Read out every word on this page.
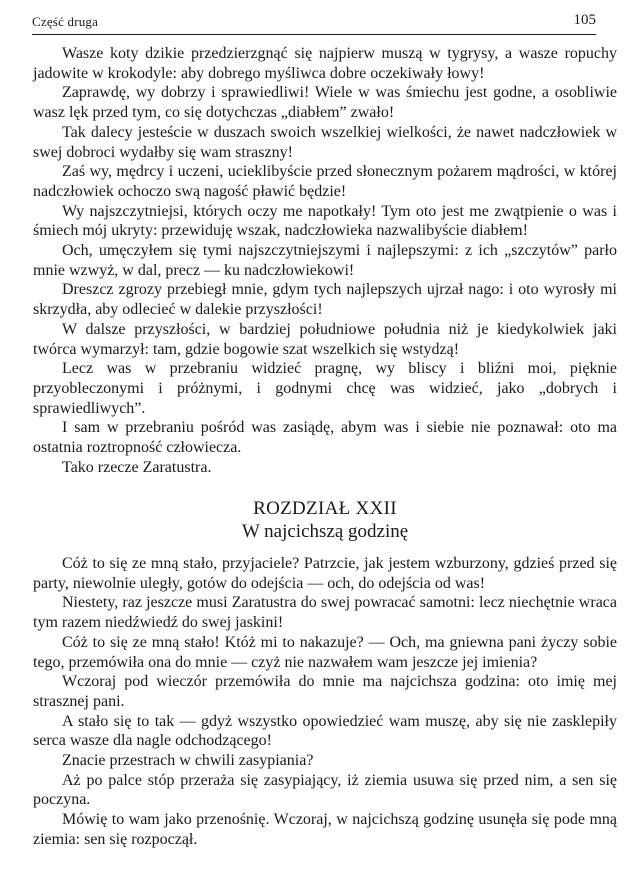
Część druga	105

Wasze koty dzikie przedzierzgnąć się najpierw muszą w tygrysy, a wasze ropuchy jadowite w krokodyle: aby dobrego myśliwca dobre oczekiwały łowy!

Zaprawdę, wy dobrzy i sprawiedliwi! Wiele w was śmiechu jest godne, a osobliwie wasz lęk przed tym, co się dotychczas „diabłem” zwało!

Tak dalecy jesteście w duszach swoich wszelkiej wielkości, że nawet nadczłowiek w swej dobroci wydałby się wam straszny!

Zaś wy, mędrcy i uczeni, ucieklibyście przed słonecznym pożarem mądrości, w której nadczłowiek ochoczo swą nagość pławić będzie!

Wy najszczytniejsi, których oczy me napotkały! Tym oto jest me zwątpienie o was i śmiech mój ukryty: przewiduję wszak, nadczłowieka nazwalibyście diabłem!

Och, umęczyłem się tymi najszczytniejszymi i najlepszymi: z ich „szczytów” parło mnie wzwyż, w dal, precz — ku nadczłowiekowi!

Dreszcz zgrozy przebiegł mnie, gdym tych najlepszych ujrzał nago: i oto wyrosły mi skrzydła, aby odlecieć w dalekie przyszłości!

W dalsze przyszłości, w bardziej południowe południa niż je kiedykolwiek jaki twórca wymarzył: tam, gdzie bogowie szat wszelkich się wstydzą!

Lecz was w przebraniu widzieć pragnę, wy bliscy i bliźni moi, pięknie przyobleczonymi i próżnymi, i godnymi chcę was widzieć, jako „dobrych i sprawiedliwych”.

I sam w przebraniu pośród was zasiądę, abym was i siebie nie poznawał: oto ma ostatnia roztropność człowiecza.

Tako rzecze Zaratustra.

ROZDZIAŁ XXII
W najcichszą godzinę

Cóż to się ze mną stało, przyjaciele? Patrzcie, jak jestem wzburzony, gdzieś przed się party, niewolnie uległy, gotów do odejścia — och, do odejścia od was!

Niestety, raz jeszcze musi Zaratustra do swej powracać samotni: lecz niechętnie wraca tym razem niedźwiedź do swej jaskini!

Cóż to się ze mną stało! Któż mi to nakazuje? — Och, ma gniewna pani życzy sobie tego, przemówiła ona do mnie — czyż nie nazwałem wam jeszcze jej imienia?

Wczoraj pod wieczór przemówiła do mnie ma najcichsza godzina: oto imię mej strasznej pani.

A stało się to tak — gdyż wszystko opowiedzieć wam muszę, aby się nie zasklepiły serca wasze dla nagle odchodzącego!

Znacie przestrach w chwili zasypiania?

Aż po palce stóp przeraża się zasypiający, iż ziemia usuwa się przed nim, a sen się poczyna.

Mówię to wam jako przenośnię. Wczoraj, w najcichszą godzinę usunęła się pode mną ziemia: sen się rozpoczął.
